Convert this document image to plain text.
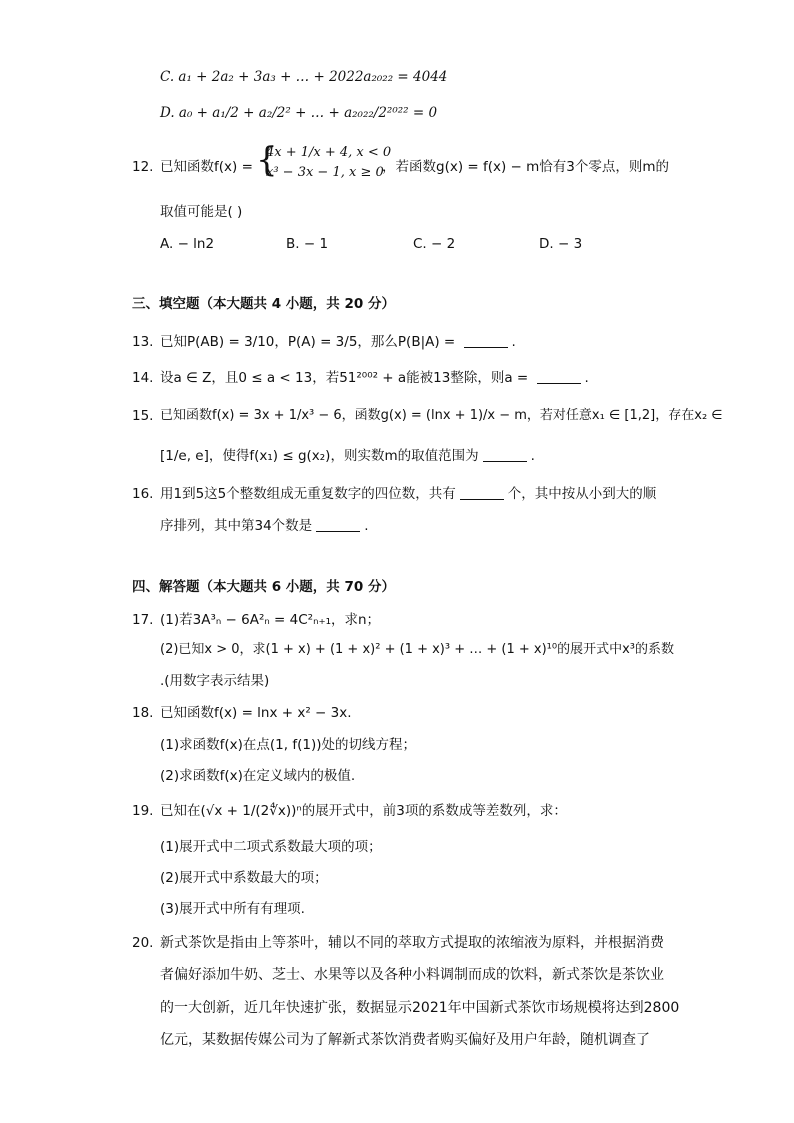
C. a₁ + 2a₂ + 3a₃ + … + 2022a₂₀₂₂ = 4044
D. a₀ + a₁/2 + a₂/2² + … + a₂₀₂₂/2²⁰²² = 0
12. 已知函数f(x) = {
4x + 1/x + 4, x < 0
x³ − 3x − 1, x ≥ 0
，若函数g(x) = f(x) − m恰有3个零点，则m的
取值可能是( )
A. − ln2	B. − 1	C. − 2	D. − 3
三、填空题（本大题共 4 小题，共 20 分）
13. 已知P(AB) = 3/10，P(A) = 3/5，那么P(B|A) =	.
14. 设a ∈ Z，且0 ≤ a < 13，若51²⁰⁰² + a能被13整除，则a =	.
15. 已知函数f(x) = 3x + 1/x³ − 6，函数g(x) = (lnx + 1)/x − m，若对任意x₁ ∈ [1,2]，存在x₂ ∈
[1/e, e]，使得f(x₁) ≤ g(x₂)，则实数m的取值范围为	.
16. 用1到5这5个整数组成无重复数字的四位数，共有	个，其中按从小到大的顺
序排列，其中第34个数是	.
四、解答题（本大题共 6 小题，共 70 分）
17. (1)若3A³ₙ − 6A²ₙ = 4C²ₙ₊₁，求n；
(2)已知x > 0，求(1 + x) + (1 + x)² + (1 + x)³ + … + (1 + x)¹⁰的展开式中x³的系数
.(用数字表示结果)
18. 已知函数f(x) = lnx + x² − 3x.
(1)求函数f(x)在点(1, f(1))处的切线方程；
(2)求函数f(x)在定义域内的极值.
19. 已知在(√x + 1/(2∜x))ⁿ的展开式中，前3项的系数成等差数列，求：
(1)展开式中二项式系数最大项的项；
(2)展开式中系数最大的项；
(3)展开式中所有有理项.
20. 新式茶饮是指由上等茶叶，辅以不同的萃取方式提取的浓缩液为原料，并根据消费
者偏好添加牛奶、芝士、水果等以及各种小料调制而成的饮料，新式茶饮是茶饮业
的一大创新，近几年快速扩张，数据显示2021年中国新式茶饮市场规模将达到2800
亿元，某数据传媒公司为了解新式茶饮消费者购买偏好及用户年龄，随机调查了
